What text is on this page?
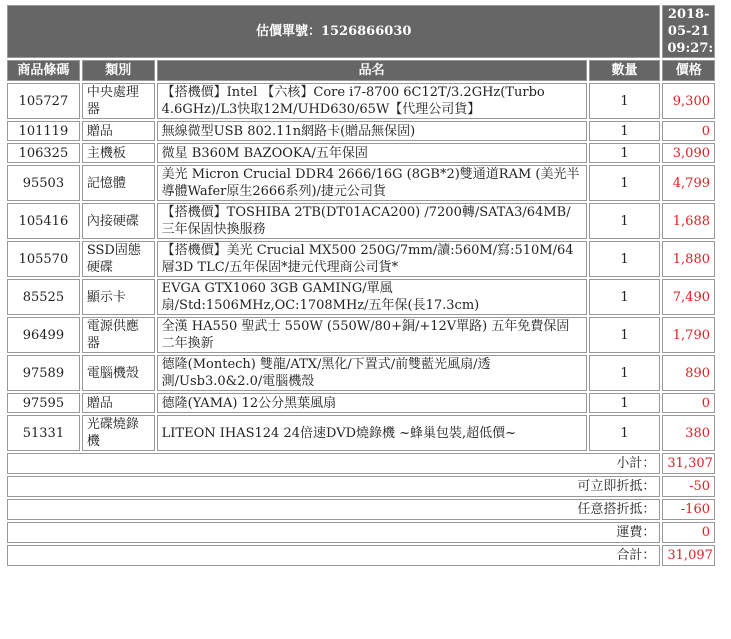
估價單號：1526866030				2018-05-21
09:27:10

商品條碼	類別	品名	數量	價格
105727	中央處理器	【搭機價】Intel 【六核】Core i7-8700 6C12T/3.2GHz(Turbo 4.6GHz)/L3快取12M/UHD630/65W【代理公司貨】	1	9,300
101119	贈品	無線微型USB 802.11n網路卡(贈品無保固)	1	0
106325	主機板	微星 B360M BAZOOKA/五年保固	1	3,090
95503	記憶體	美光 Micron Crucial DDR4 2666/16G (8GB*2)雙通道RAM (美光半導體Wafer原生2666系列)/捷元公司貨	1	4,799
105416	內接硬碟	【搭機價】TOSHIBA 2TB(DT01ACA200) /7200轉/SATA3/64MB/三年保固快換服務	1	1,688
105570	SSD固態硬碟	【搭機價】美光 Crucial MX500 250G/7mm/讀:560M/寫:510M/64層3D TLC/五年保固*捷元代理商公司貨*	1	1,880
85525	顯示卡	EVGA GTX1060 3GB GAMING/單風扇/Std:1506MHz,OC:1708MHz/五年保(長17.3cm)	1	7,490
96499	電源供應器	全漢 HA550 聖武士 550W (550W/80+銅/+12V單路) 五年免費保固二年換新	1	1,790
97589	電腦機殼	德隆(Montech) 雙龍/ATX/黑化/下置式/前雙藍光風扇/透測/Usb3.0&2.0/電腦機殼	1	890
97595	贈品	德隆(YAMA) 12公分黑葉風扇	1	0
51331	光碟燒錄機	LITEON IHAS124 24倍速DVD燒錄機 ~蜂巢包裝,超低價~	1	380
小計：				31,307
可立即折抵：				-50
任意搭折抵：				-160
運費：				0
合計：				31,097
